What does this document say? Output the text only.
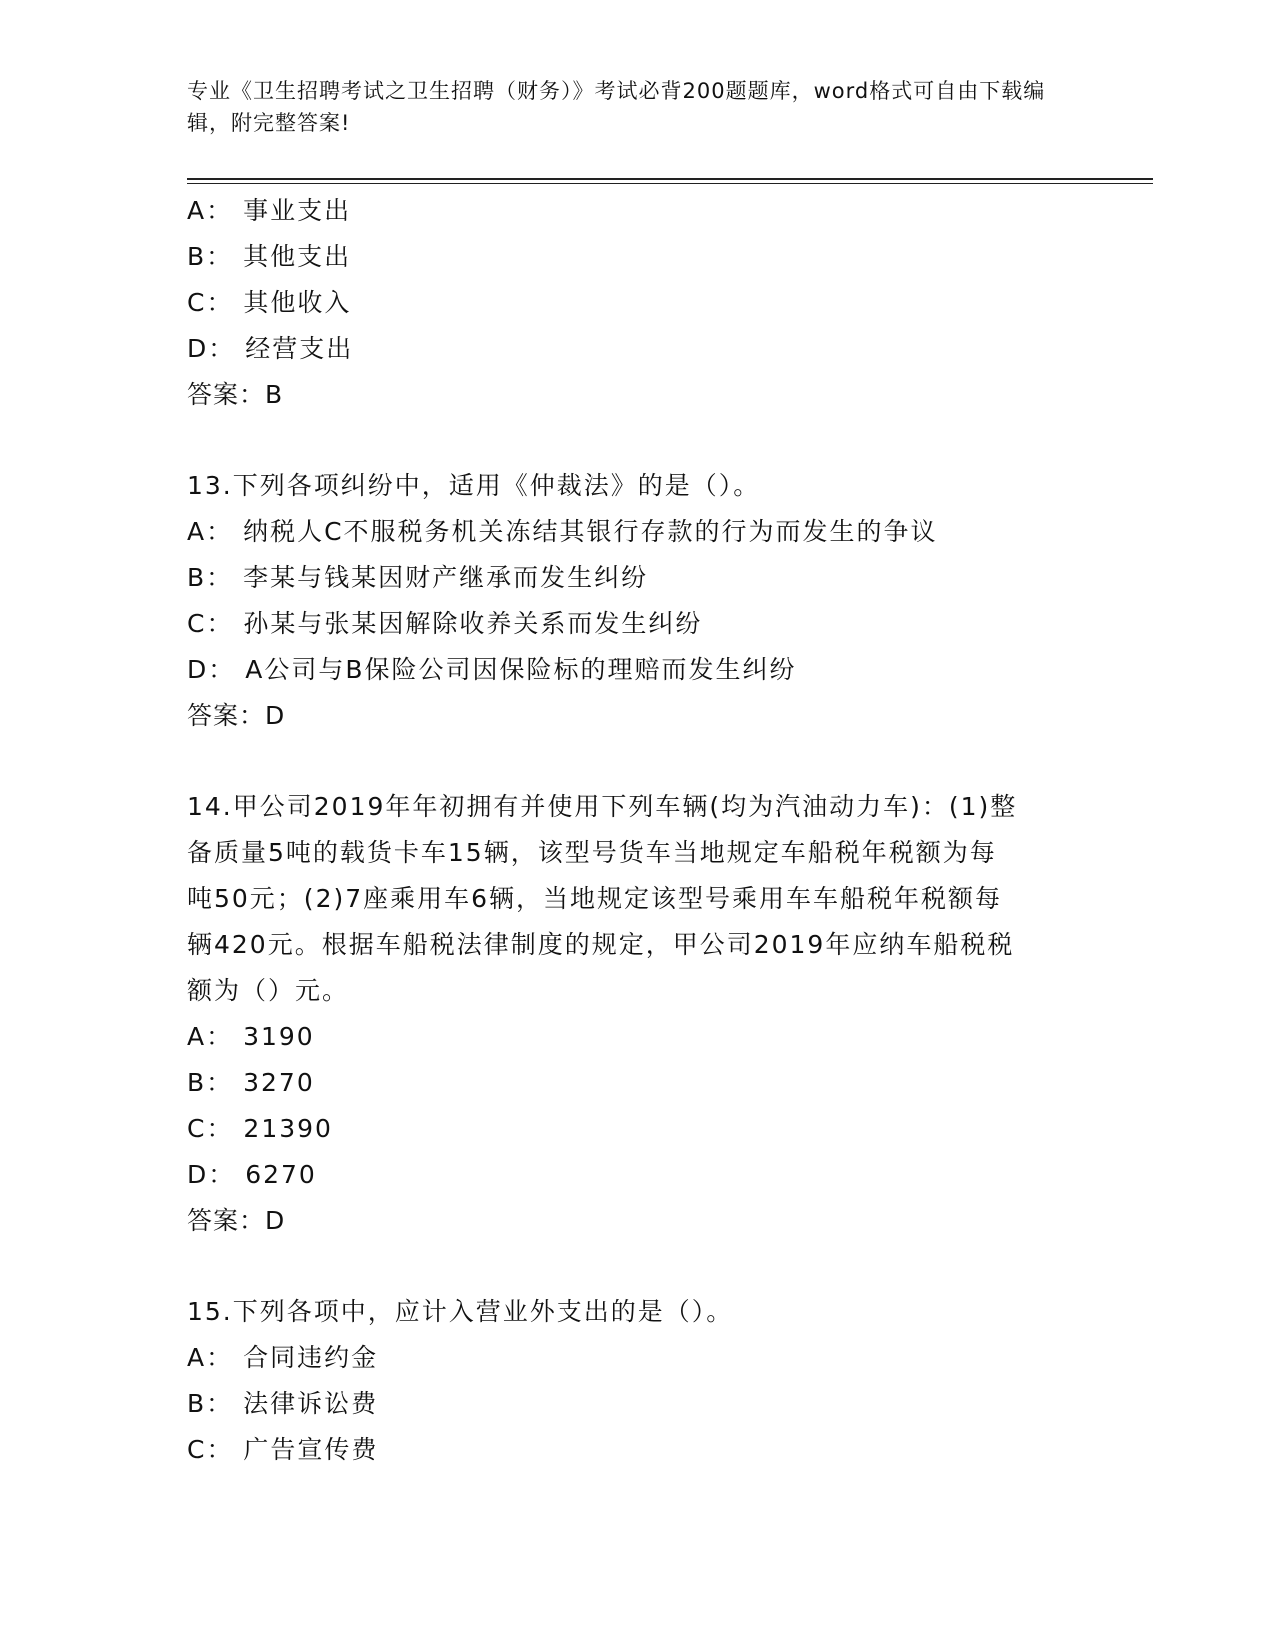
专业《卫生招聘考试之卫生招聘（财务）》考试必背200题题库，word格式可自由下载编辑，附完整答案!
A： 事业支出
B： 其他支出
C： 其他收入
D： 经营支出
答案：B
13.下列各项纠纷中，适用《仲裁法》的是（）。
A： 纳税人C不服税务机关冻结其银行存款的行为而发生的争议
B： 李某与钱某因财产继承而发生纠纷
C： 孙某与张某因解除收养关系而发生纠纷
D： A公司与B保险公司因保险标的理赔而发生纠纷
答案：D
14.甲公司2019年年初拥有并使用下列车辆(均为汽油动力车)：(1)整
备质量5吨的载货卡车15辆，该型号货车当地规定车船税年税额为每
吨50元；(2)7座乘用车6辆，当地规定该型号乘用车车船税年税额每
辆420元。根据车船税法律制度的规定，甲公司2019年应纳车船税税
额为（）元。
A： 3190
B： 3270
C： 21390
D： 6270
答案：D
15.下列各项中，应计入营业外支出的是（）。
A： 合同违约金
B： 法律诉讼费
C： 广告宣传费
